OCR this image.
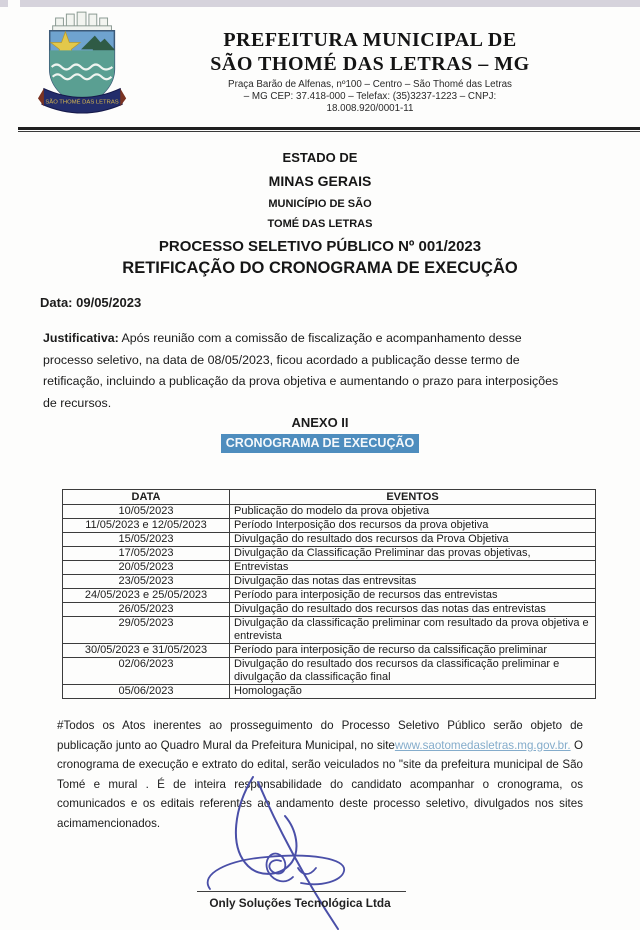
SÃO THOMÉ DAS LETRAS
PREFEITURA MUNICIPAL DE
SÃO THOMÉ DAS LETRAS – MG
Praça Barão de Alfenas, nº100 – Centro – São Thomé das Letras
– MG CEP: 37.418-000 – Telefax: (35)3237-1223 – CNPJ:
18.008.920/0001-11
ESTADO DE
MINAS GERAIS
MUNICÍPIO DE SÃO
TOMÉ DAS LETRAS
PROCESSO SELETIVO PÚBLICO Nº 001/2023
RETIFICAÇÃO DO CRONOGRAMA DE EXECUÇÃO
Data: 09/05/2023
Justificativa: Após reunião com a comissão de fiscalização e acompanhamento desse processo seletivo, na data de 08/05/2023, ficou acordado a publicação desse termo de retificação, incluindo a publicação da prova objetiva e aumentando o prazo para interposições de recursos.
ANEXO II
CRONOGRAMA DE EXECUÇÃO
DATA	EVENTOS
10/05/2023	Publicação do modelo da prova objetiva
11/05/2023 e 12/05/2023	Período Interposição dos recursos da prova objetiva
15/05/2023	Divulgação do resultado dos recursos da Prova Objetiva
17/05/2023	Divulgação da Classificação Preliminar das provas objetivas,
20/05/2023	Entrevistas
23/05/2023	Divulgação das notas das entrevsitas
24/05/2023 e 25/05/2023	Período para interposição de recursos das entrevistas
26/05/2023	Divulgação do resultado dos recursos das notas das entrevistas
29/05/2023	Divulgação da classificação preliminar com resultado da prova objetiva e entrevista
30/05/2023 e 31/05/2023	Período para interposição de recurso da calssificação preliminar
02/06/2023	Divulgação do resultado dos recursos da classificação preliminar e divulgação da classificação final
05/06/2023	Homologação
#Todos os Atos inerentes ao prosseguimento do Processo Seletivo Público serão objeto de publicação junto ao Quadro Mural da Prefeitura Municipal, no sitewww.saotomedasletras.mg.gov.br. O cronograma de execução e extrato do edital, serão veiculados no "site da prefeitura municipal de São Tomé e mural . É de inteira responsabilidade do candidato acompanhar o cronograma, os comunicados e os editais referentes ao andamento deste processo seletivo, divulgados nos sites acimamencionados.
Only Soluções Tecnológica Ltda
